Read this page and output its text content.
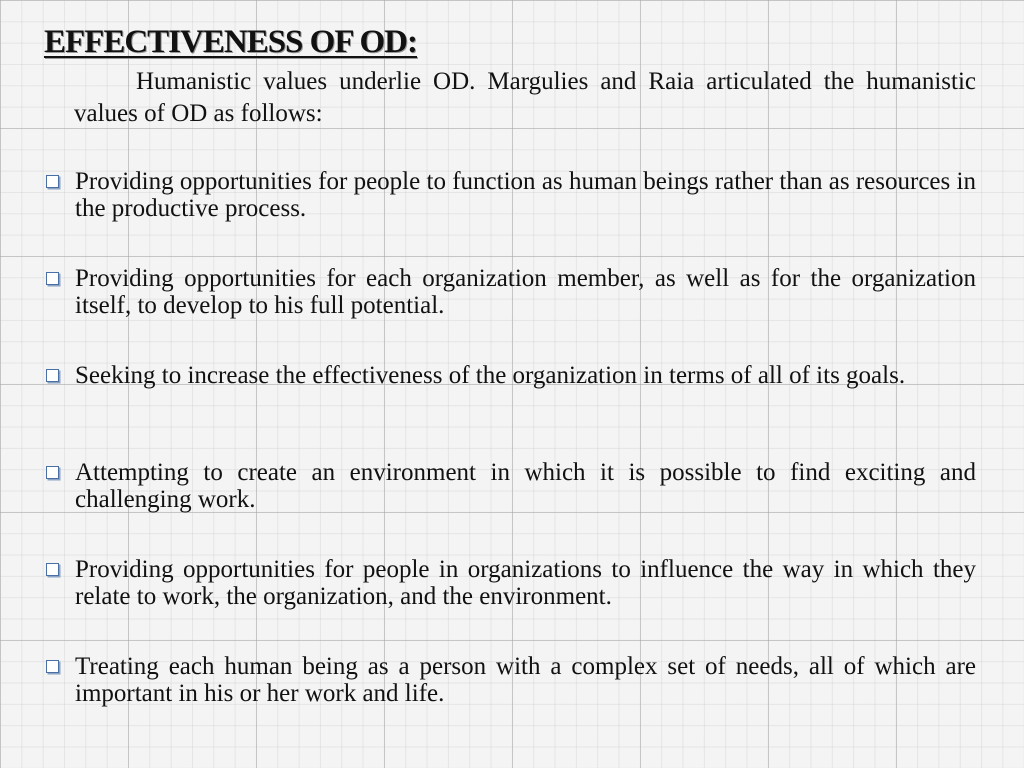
EFFECTIVENESS OF OD:
Humanistic values underlie OD. Margulies and Raia articulated the humanistic values of OD as follows:
Providing opportunities for people to function as human beings rather than as resources in the productive process.
Providing opportunities for each organization member, as well as for the organization itself, to develop to his full potential.
Seeking to increase the effectiveness of the organization in terms of all of its goals.
Attempting to create an environment in which it is possible to find exciting and challenging work.
Providing opportunities for people in organizations to influence the way in which they relate to work, the organization, and the environment.
Treating each human being as a person with a complex set of needs, all of which are important in his or her work and life.
